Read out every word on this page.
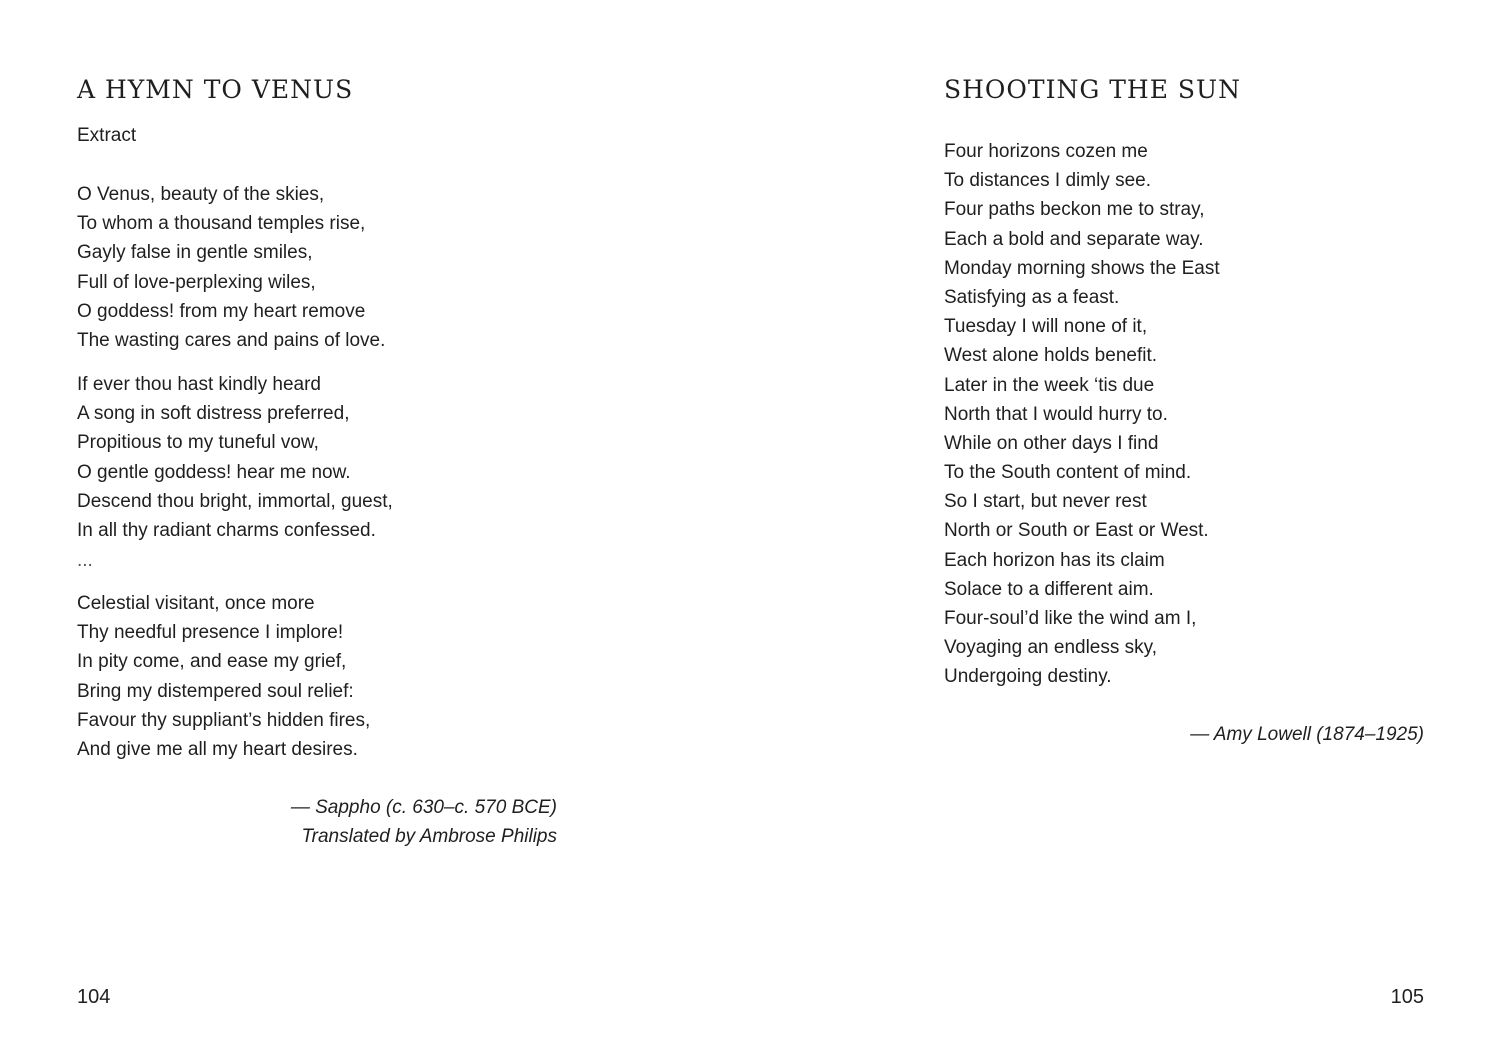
A HYMN TO VENUS
Extract
O Venus, beauty of the skies,
To whom a thousand temples rise,
Gayly false in gentle smiles,
Full of love-perplexing wiles,
O goddess! from my heart remove
The wasting cares and pains of love.
If ever thou hast kindly heard
A song in soft distress preferred,
Propitious to my tuneful vow,
O gentle goddess! hear me now.
Descend thou bright, immortal, guest,
In all thy radiant charms confessed.
...
Celestial visitant, once more
Thy needful presence I implore!
In pity come, and ease my grief,
Bring my distempered soul relief:
Favour thy suppliant’s hidden fires,
And give me all my heart desires.
— Sappho (c. 630–c. 570 BCE)
Translated by Ambrose Philips
104
SHOOTING THE SUN
Four horizons cozen me
To distances I dimly see.
Four paths beckon me to stray,
Each a bold and separate way.
Monday morning shows the East
Satisfying as a feast.
Tuesday I will none of it,
West alone holds benefit.
Later in the week ‘tis due
North that I would hurry to.
While on other days I find
To the South content of mind.
So I start, but never rest
North or South or East or West.
Each horizon has its claim
Solace to a different aim.
Four-soul’d like the wind am I,
Voyaging an endless sky,
Undergoing destiny.
— Amy Lowell (1874–1925)
105
